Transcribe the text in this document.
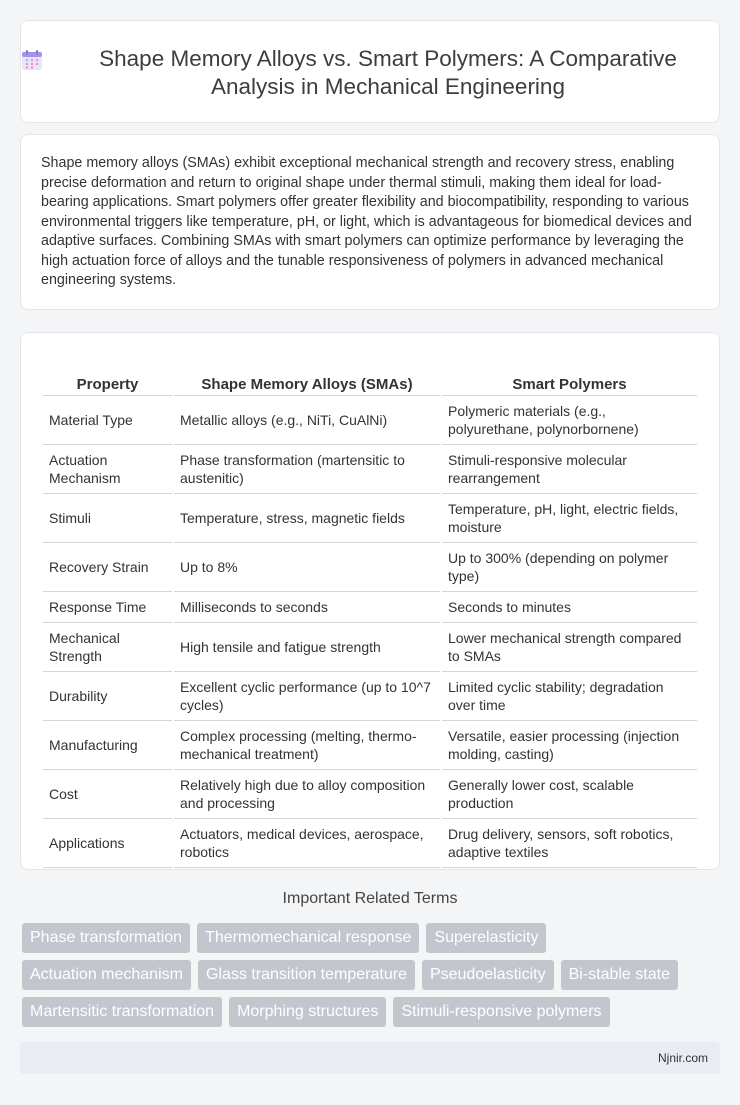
Shape Memory Alloys vs. Smart Polymers: A Comparative Analysis in Mechanical Engineering

Shape memory alloys (SMAs) exhibit exceptional mechanical strength and recovery stress, enabling precise deformation and return to original shape under thermal stimuli, making them ideal for load-bearing applications. Smart polymers offer greater flexibility and biocompatibility, responding to various environmental triggers like temperature, pH, or light, which is advantageous for biomedical devices and adaptive surfaces. Combining SMAs with smart polymers can optimize performance by leveraging the high actuation force of alloys and the tunable responsiveness of polymers in advanced mechanical engineering systems.

Property	Shape Memory Alloys (SMAs)	Smart Polymers
Material Type	Metallic alloys (e.g., NiTi, CuAlNi)	Polymeric materials (e.g., polyurethane, polynorbornene)
Actuation Mechanism	Phase transformation (martensitic to austenitic)	Stimuli-responsive molecular rearrangement
Stimuli	Temperature, stress, magnetic fields	Temperature, pH, light, electric fields, moisture
Recovery Strain	Up to 8%	Up to 300% (depending on polymer type)
Response Time	Milliseconds to seconds	Seconds to minutes
Mechanical Strength	High tensile and fatigue strength	Lower mechanical strength compared to SMAs
Durability	Excellent cyclic performance (up to 10^7 cycles)	Limited cyclic stability; degradation over time
Manufacturing	Complex processing (melting, thermo-mechanical treatment)	Versatile, easier processing (injection molding, casting)
Cost	Relatively high due to alloy composition and processing	Generally lower cost, scalable production
Applications	Actuators, medical devices, aerospace, robotics	Drug delivery, sensors, soft robotics, adaptive textiles
Important Related Terms
Phase transformation	Thermomechanical response	Superelasticity
Actuation mechanism	Glass transition temperature	Pseudoelasticity	Bi-stable state
Martensitic transformation	Morphing structures	Stimuli-responsive polymers
Njnir.com
